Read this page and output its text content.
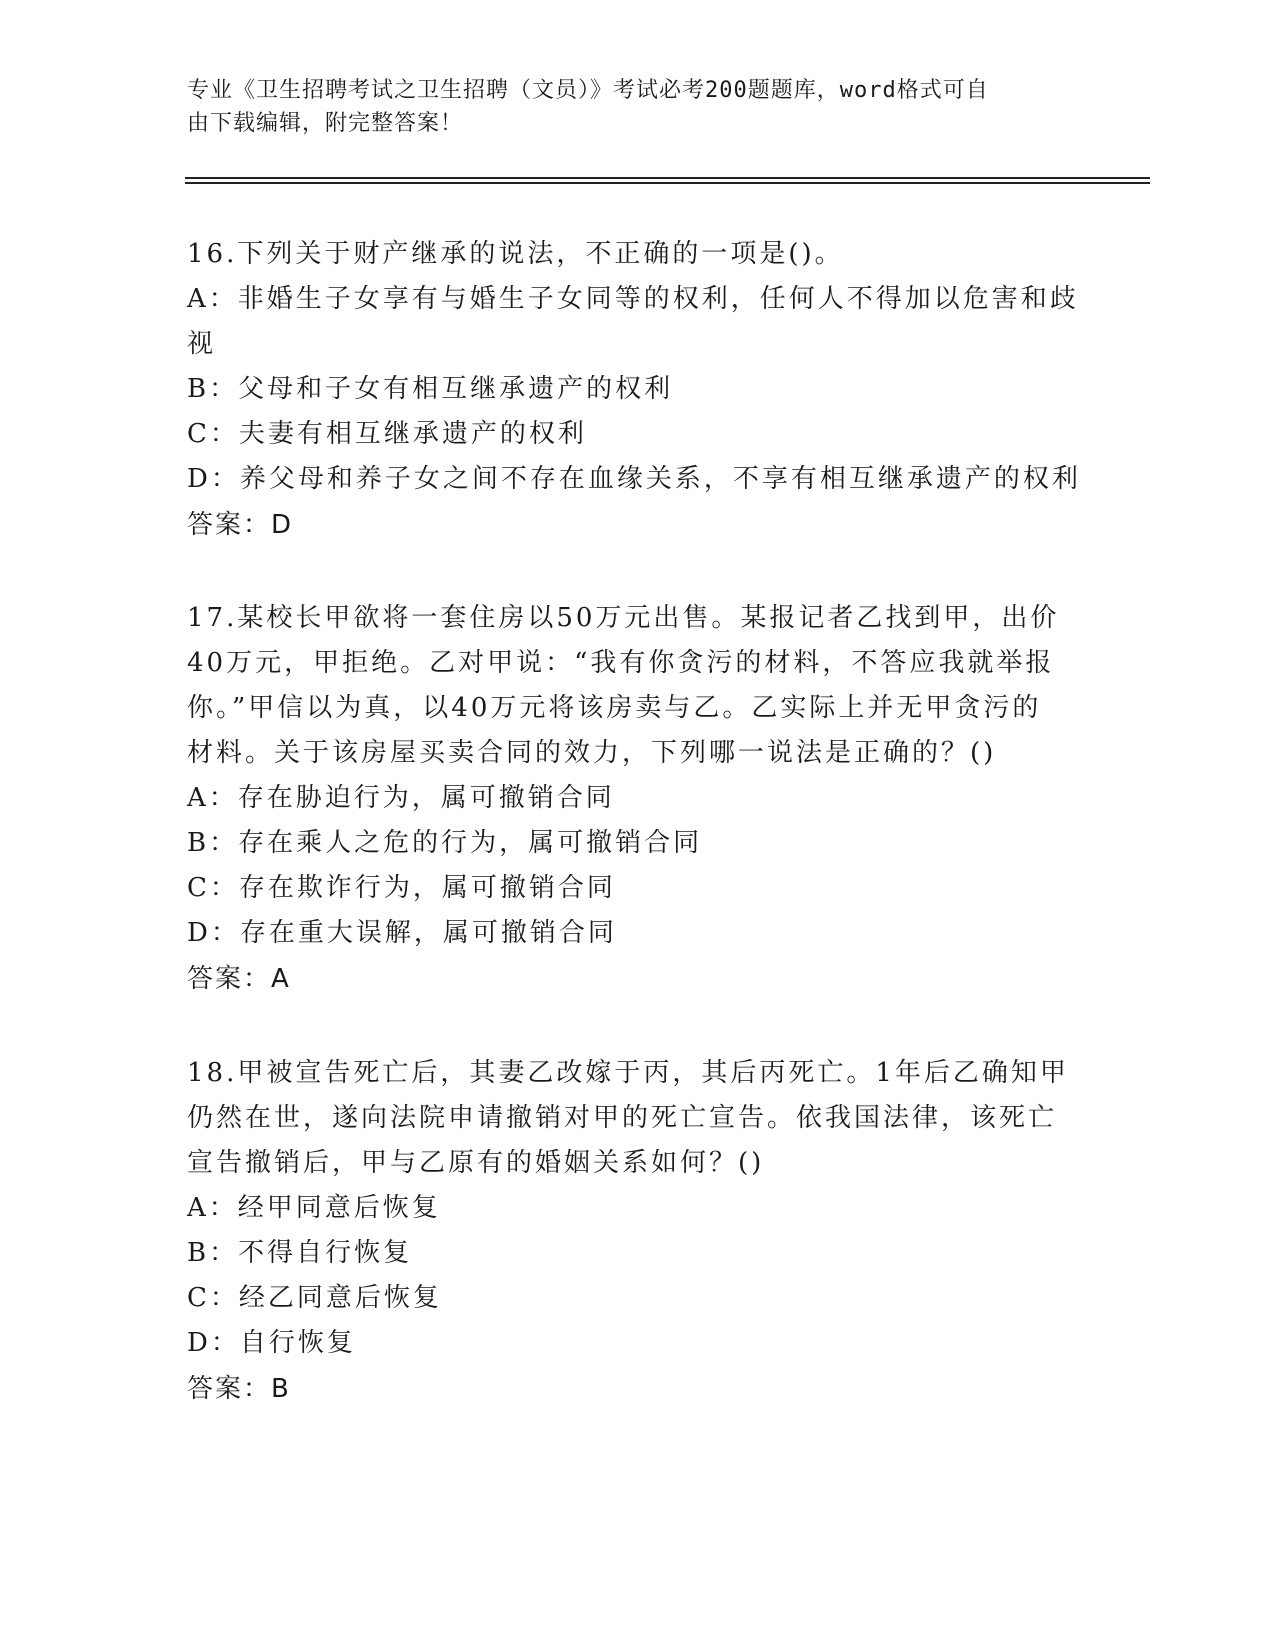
专业《卫生招聘考试之卫生招聘（文员）》考试必考200题题库，word格式可自
由下载编辑，附完整答案！
16.下列关于财产继承的说法，不正确的一项是()。
A：非婚生子女享有与婚生子女同等的权利，任何人不得加以危害和歧
视
B：父母和子女有相互继承遗产的权利
C：夫妻有相互继承遗产的权利
D：养父母和养子女之间不存在血缘关系，不享有相互继承遗产的权利
答案：D
17.某校长甲欲将一套住房以50万元出售。某报记者乙找到甲，出价
40万元，甲拒绝。乙对甲说：“我有你贪污的材料，不答应我就举报
你。”甲信以为真，以40万元将该房卖与乙。乙实际上并无甲贪污的
材料。关于该房屋买卖合同的效力，下列哪一说法是正确的？()
A：存在胁迫行为，属可撤销合同
B：存在乘人之危的行为，属可撤销合同
C：存在欺诈行为，属可撤销合同
D：存在重大误解，属可撤销合同
答案：A
18.甲被宣告死亡后，其妻乙改嫁于丙，其后丙死亡。1年后乙确知甲
仍然在世，遂向法院申请撤销对甲的死亡宣告。依我国法律，该死亡
宣告撤销后，甲与乙原有的婚姻关系如何？()
A：经甲同意后恢复
B：不得自行恢复
C：经乙同意后恢复
D：自行恢复
答案：B
